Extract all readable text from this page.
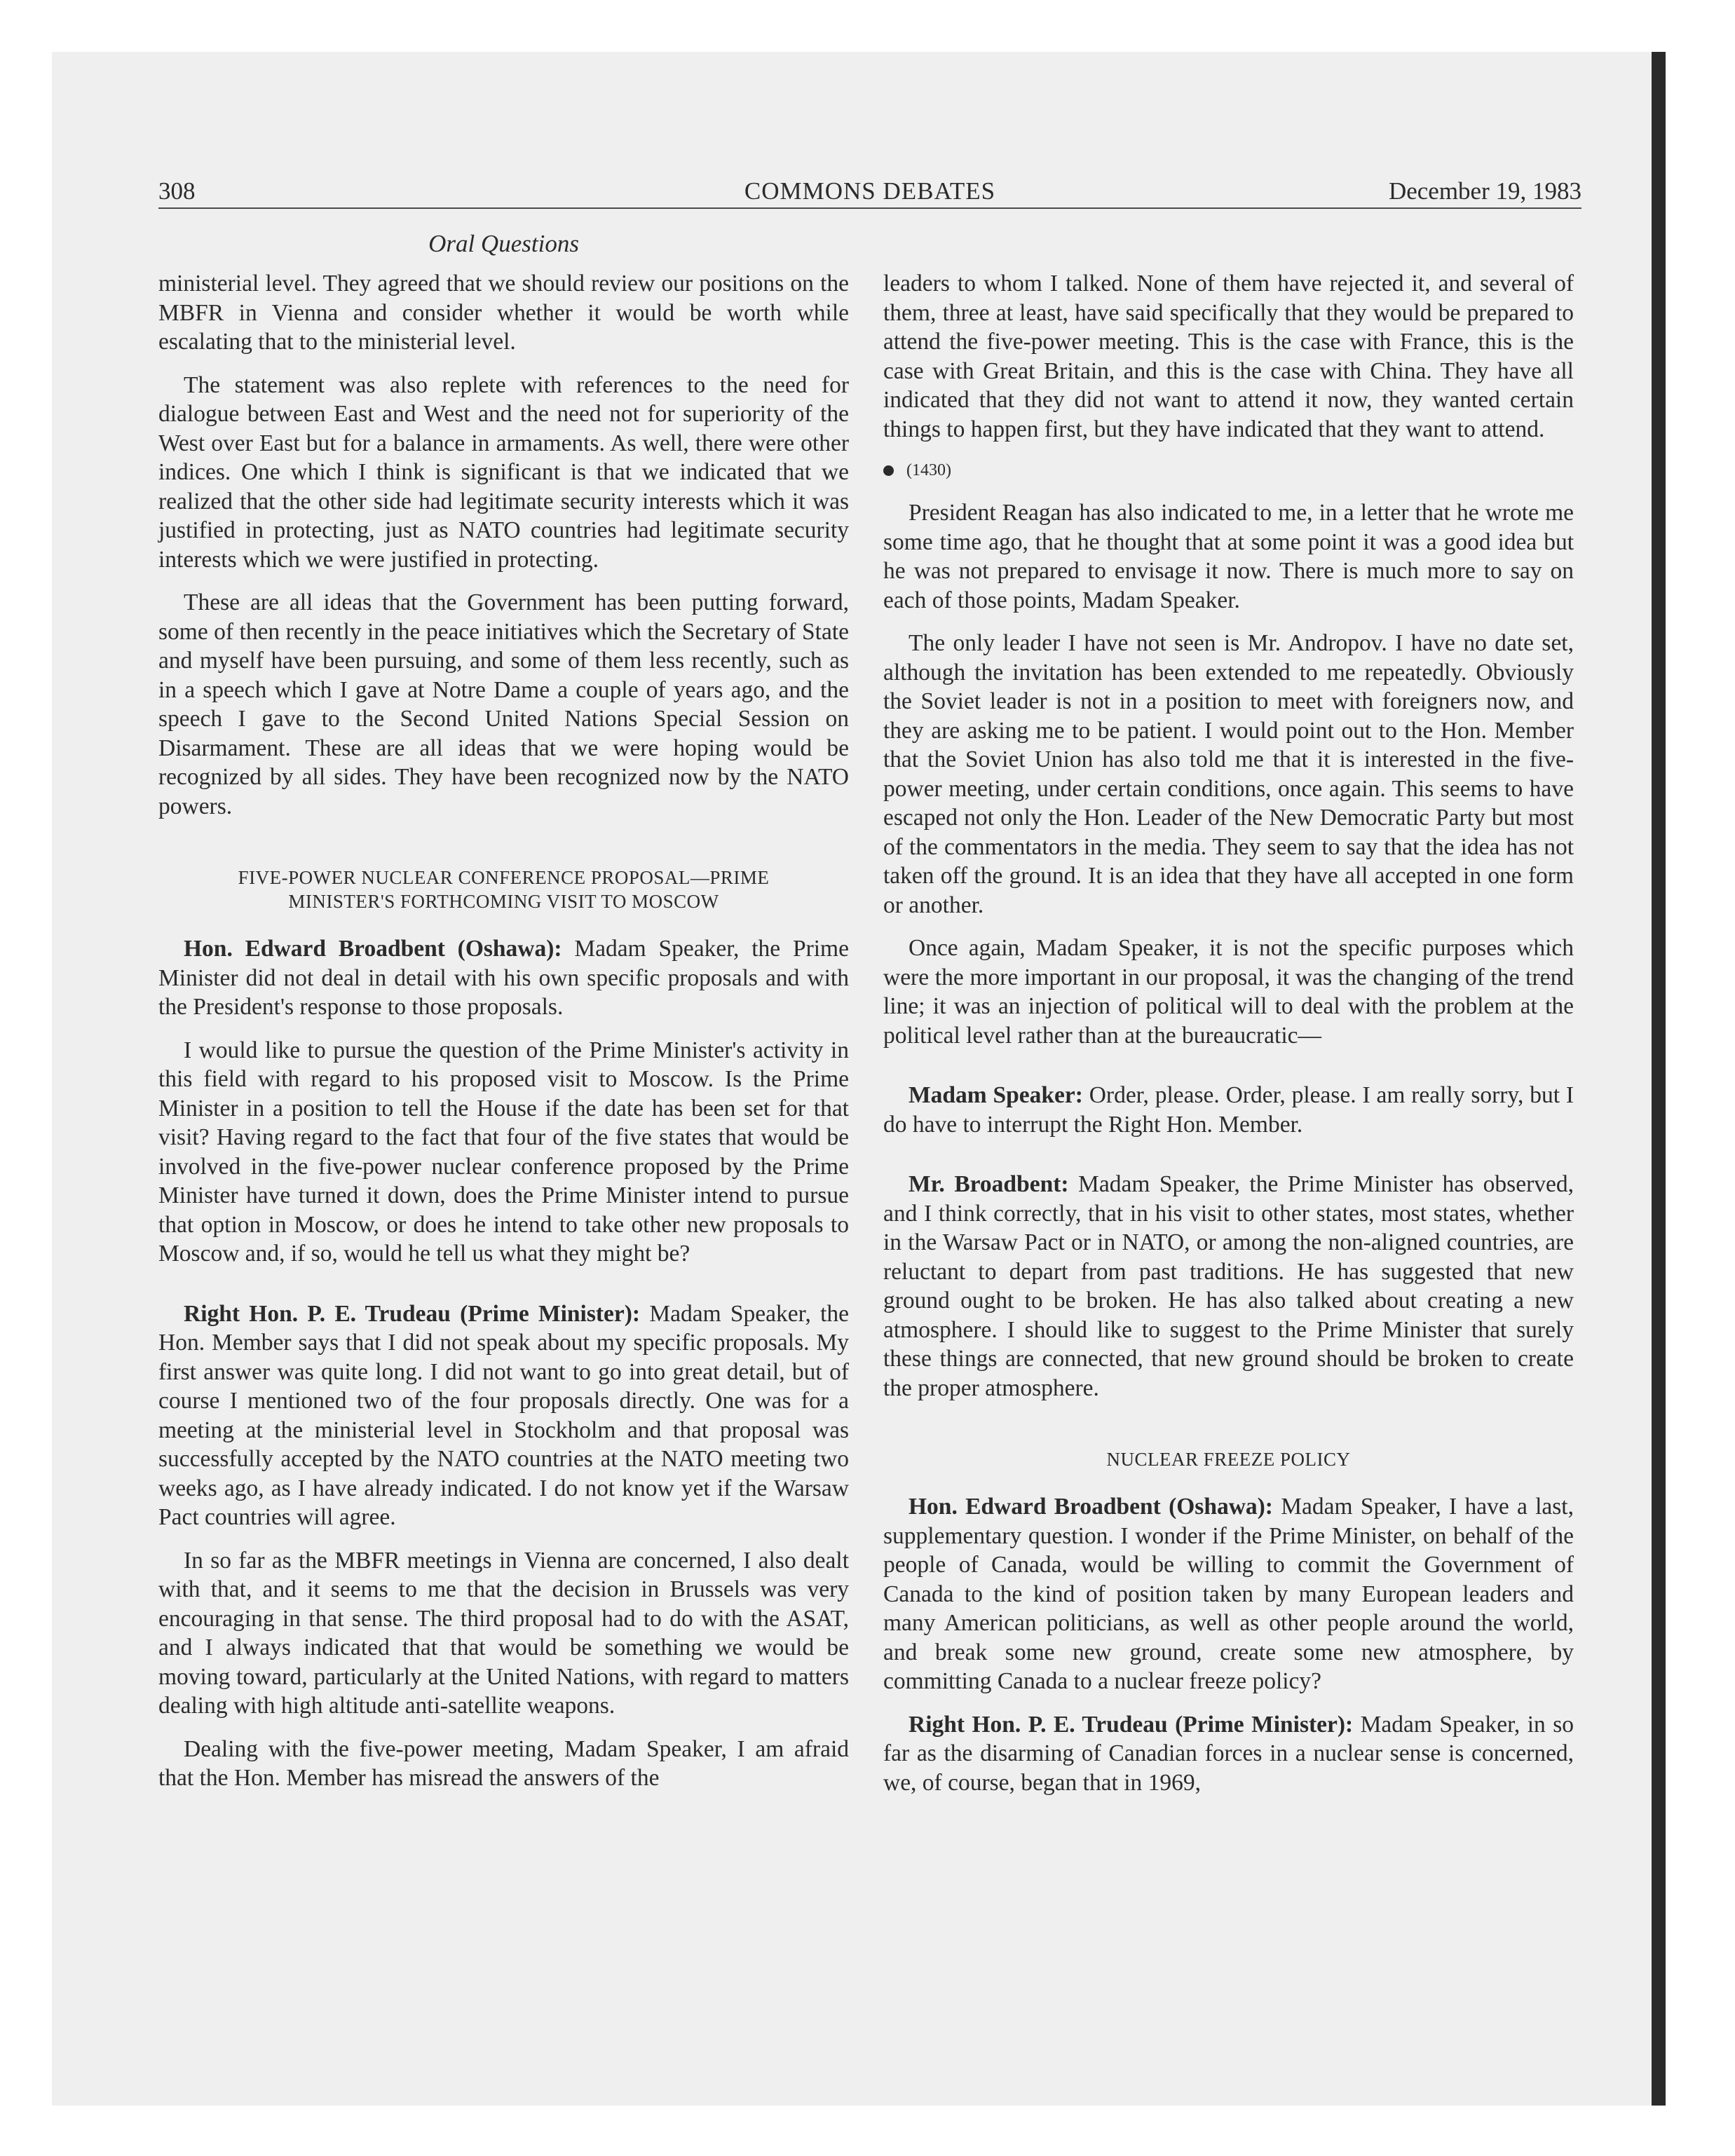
308	COMMONS DEBATES	December 19, 1983
Oral Questions

ministerial level. They agreed that we should review our positions on the MBFR in Vienna and consider whether it would be worth while escalating that to the ministerial level.

The statement was also replete with references to the need for dialogue between East and West and the need not for superiority of the West over East but for a balance in armaments. As well, there were other indices. One which I think is significant is that we indicated that we realized that the other side had legitimate security interests which it was justified in protecting, just as NATO countries had legitimate security interests which we were justified in protecting.

These are all ideas that the Government has been putting forward, some of then recently in the peace initiatives which the Secretary of State and myself have been pursuing, and some of them less recently, such as in a speech which I gave at Notre Dame a couple of years ago, and the speech I gave to the Second United Nations Special Session on Disarmament. These are all ideas that we were hoping would be recognized by all sides. They have been recognized now by the NATO powers.

FIVE-POWER NUCLEAR CONFERENCE PROPOSAL—PRIME
MINISTER'S FORTHCOMING VISIT TO MOSCOW

Hon. Edward Broadbent (Oshawa): Madam Speaker, the Prime Minister did not deal in detail with his own specific proposals and with the President's response to those proposals.

I would like to pursue the question of the Prime Minister's activity in this field with regard to his proposed visit to Moscow. Is the Prime Minister in a position to tell the House if the date has been set for that visit? Having regard to the fact that four of the five states that would be involved in the five-power nuclear conference proposed by the Prime Minister have turned it down, does the Prime Minister intend to pursue that option in Moscow, or does he intend to take other new proposals to Moscow and, if so, would he tell us what they might be?

Right Hon. P. E. Trudeau (Prime Minister): Madam Speaker, the Hon. Member says that I did not speak about my specific proposals. My first answer was quite long. I did not want to go into great detail, but of course I mentioned two of the four proposals directly. One was for a meeting at the ministerial level in Stockholm and that proposal was successfully accepted by the NATO countries at the NATO meeting two weeks ago, as I have already indicated. I do not know yet if the Warsaw Pact countries will agree.

In so far as the MBFR meetings in Vienna are concerned, I also dealt with that, and it seems to me that the decision in Brussels was very encouraging in that sense. The third proposal had to do with the ASAT, and I always indicated that that would be something we would be moving toward, particularly at the United Nations, with regard to matters dealing with high altitude anti-satellite weapons.

Dealing with the five-power meeting, Madam Speaker, I am afraid that the Hon. Member has misread the answers of the

leaders to whom I talked. None of them have rejected it, and several of them, three at least, have said specifically that they would be prepared to attend the five-power meeting. This is the case with France, this is the case with Great Britain, and this is the case with China. They have all indicated that they did not want to attend it now, they wanted certain things to happen first, but they have indicated that they want to attend.

(1430)

President Reagan has also indicated to me, in a letter that he wrote me some time ago, that he thought that at some point it was a good idea but he was not prepared to envisage it now. There is much more to say on each of those points, Madam Speaker.

The only leader I have not seen is Mr. Andropov. I have no date set, although the invitation has been extended to me repeatedly. Obviously the Soviet leader is not in a position to meet with foreigners now, and they are asking me to be patient. I would point out to the Hon. Member that the Soviet Union has also told me that it is interested in the five-power meeting, under certain conditions, once again. This seems to have escaped not only the Hon. Leader of the New Democratic Party but most of the commentators in the media. They seem to say that the idea has not taken off the ground. It is an idea that they have all accepted in one form or another.

Once again, Madam Speaker, it is not the specific purposes which were the more important in our proposal, it was the changing of the trend line; it was an injection of political will to deal with the problem at the political level rather than at the bureaucratic—

Madam Speaker: Order, please. Order, please. I am really sorry, but I do have to interrupt the Right Hon. Member.

Mr. Broadbent: Madam Speaker, the Prime Minister has observed, and I think correctly, that in his visit to other states, most states, whether in the Warsaw Pact or in NATO, or among the non-aligned countries, are reluctant to depart from past traditions. He has suggested that new ground ought to be broken. He has also talked about creating a new atmosphere. I should like to suggest to the Prime Minister that surely these things are connected, that new ground should be broken to create the proper atmosphere.

NUCLEAR FREEZE POLICY

Hon. Edward Broadbent (Oshawa): Madam Speaker, I have a last, supplementary question. I wonder if the Prime Minister, on behalf of the people of Canada, would be willing to commit the Government of Canada to the kind of position taken by many European leaders and many American politicians, as well as other people around the world, and break some new ground, create some new atmosphere, by committing Canada to a nuclear freeze policy?

Right Hon. P. E. Trudeau (Prime Minister): Madam Speaker, in so far as the disarming of Canadian forces in a nuclear sense is concerned, we, of course, began that in 1969,
